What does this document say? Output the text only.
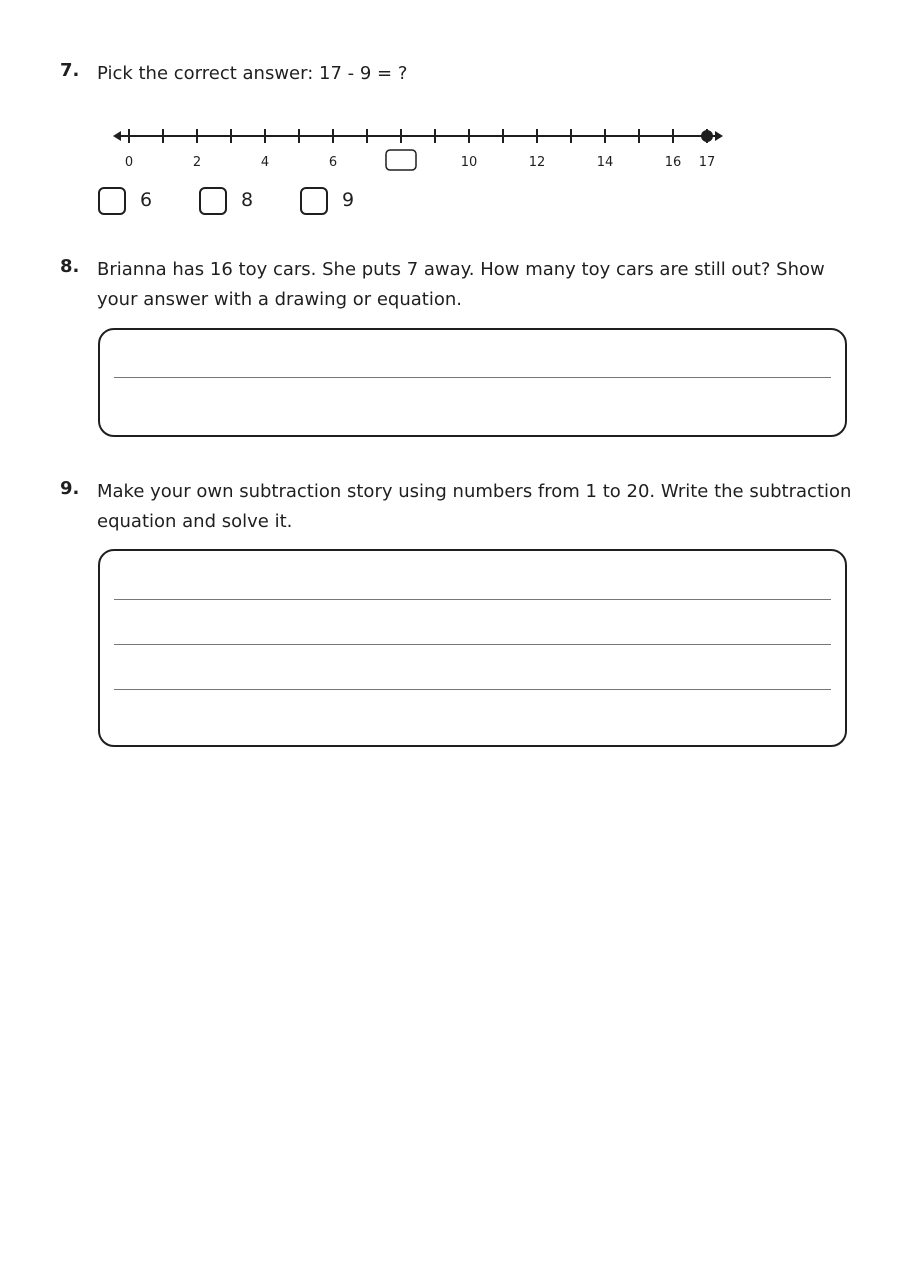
7. Pick the correct answer: 17 - 9 = ?
0	2	4	6	10	12	14	16 17
6	8	9
8. Brianna has 16 toy cars. She puts 7 away. How many toy cars are still out? Show your answer with a drawing or equation.
9. Make your own subtraction story using numbers from 1 to 20. Write the subtraction equation and solve it.
